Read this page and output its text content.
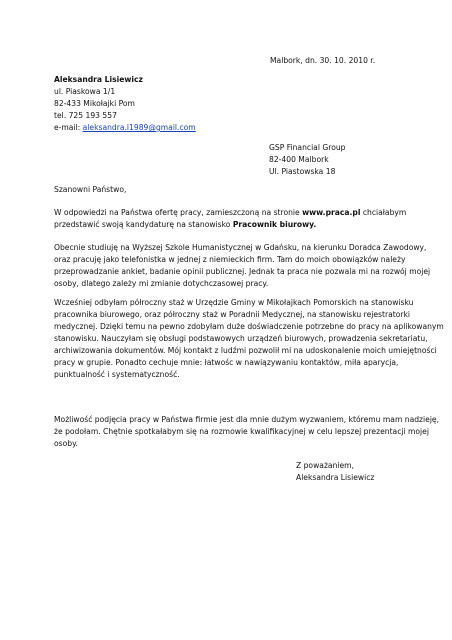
Malbork, dn. 30. 10. 2010 r.
Aleksandra Lisiewicz
ul. Piaskowa 1/1
82-433 Mikołajki Pom
tel. 725 193 557
e-mail: aleksandra.l1989@gmail.com
GSP Financial Group
82-400 Malbork
Ul. Piastowska 18
Szanowni Państwo,
W odpowiedzi na Państwa ofertę pracy, zamieszczoną na stronie www.praca.pl chciałabym
przedstawić swoją kandydaturę na stanowisko Pracownik biurowy.
Obecnie studiuję na Wyższej Szkole Humanistycznej w Gdańsku, na kierunku Doradca Zawodowy,
oraz pracuję jako telefonistka w jednej z niemieckich firm. Tam do moich obowiązków należy
przeprowadzanie ankiet, badanie opinii publicznej. Jednak ta praca nie pozwala mi na rozwój mojej
osoby, dlatego zależy mi zmianie dotychczasowej pracy.
Wcześniej odbyłam półroczny staż w Urzędzie Gminy w Mikołajkach Pomorskich na stanowisku
pracownika biurowego, oraz półroczny staż w Poradnii Medycznej, na stanowisku rejestratorki
medycznej. Dzięki temu na pewno zdobyłam duże doświadczenie potrzebne do pracy na aplikowanym
stanowisku. Nauczyłam się obsługi podstawowych urządzeń biurowych, prowadzenia sekretariatu,
archiwizowania dokumentów. Mój kontakt z ludźmi pozwolił mi na udoskonalenie moich umiejętności
pracy w grupie. Ponadto cechuje mnie: łatwośc w nawiązywaniu kontaktów, miła aparycja,
punktualność i systematyczność.
Możliwość podjęcia pracy w Państwa firmie jest dla mnie dużym wyzwaniem, któremu mam nadzieję,
że podołam. Chętnie spotkałabym się na rozmowie kwalifikacyjnej w celu lepszej prezentacji mojej
osoby.
Z poważaniem,
Aleksandra Lisiewicz
